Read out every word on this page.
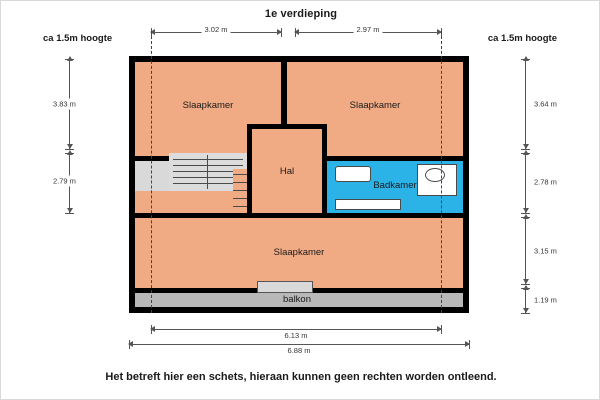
1e verdieping
ca 1.5m hoogte	ca 1.5m hoogte
3.02 m	2.97 m
3.83 m
2.79 m
3.64 m
2.78 m
3.15 m
1.19 m
6.13 m
6.88 m
Slaapkamer	Slaapkamer
Hal
Badkamer
Slaapkamer
balkon
Het betreft hier een schets, hieraan kunnen geen rechten worden ontleend.
